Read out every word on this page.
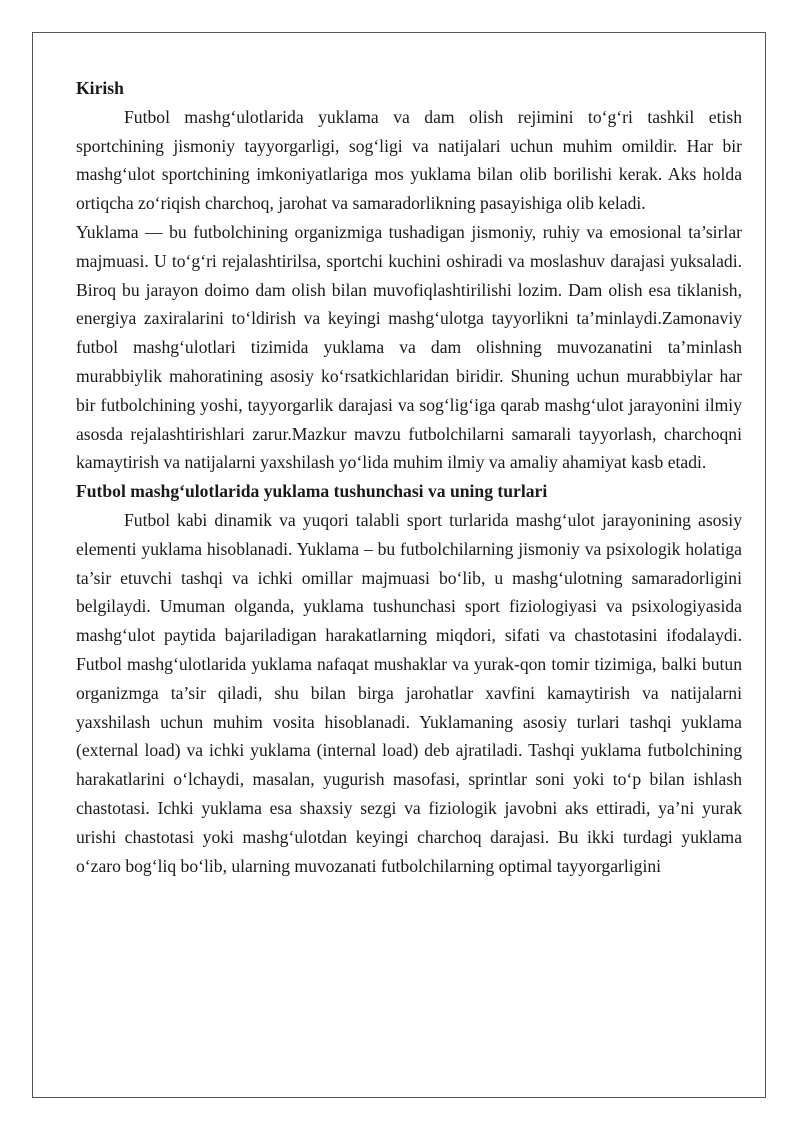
Kirish

Futbol mashg‘ulotlarida yuklama va dam olish rejimini to‘g‘ri tashkil etish sportchining jismoniy tayyorgarligi, sog‘ligi va natijalari uchun muhim omildir. Har bir mashg‘ulot sportchining imkoniyatlariga mos yuklama bilan olib borilishi kerak. Aks holda ortiqcha zo‘riqish charchoq, jarohat va samaradorlikning pasayishiga olib keladi.

Yuklama — bu futbolchining organizmiga tushadigan jismoniy, ruhiy va emosional ta’sirlar majmuasi. U to‘g‘ri rejalashtirilsa, sportchi kuchini oshiradi va moslashuv darajasi yuksaladi. Biroq bu jarayon doimo dam olish bilan muvofiqlashtirilishi lozim. Dam olish esa tiklanish, energiya zaxiralarini to‘ldirish va keyingi mashg‘ulotga tayyorlikni ta’minlaydi.Zamonaviy futbol mashg‘ulotlari tizimida yuklama va dam olishning muvozanatini ta’minlash murabbiylik mahoratining asosiy ko‘rsatkichlaridan biridir. Shuning uchun murabbiylar har bir futbolchining yoshi, tayyorgarlik darajasi va sog‘lig‘iga qarab mashg‘ulot jarayonini ilmiy asosda rejalashtirishlari zarur.Mazkur mavzu futbolchilarni samarali tayyorlash, charchoqni kamaytirish va natijalarni yaxshilash yo‘lida muhim ilmiy va amaliy ahamiyat kasb etadi.

Futbol mashg‘ulotlarida yuklama tushunchasi va uning turlari

Futbol kabi dinamik va yuqori talabli sport turlarida mashg‘ulot jarayonining asosiy elementi yuklama hisoblanadi. Yuklama – bu futbolchilarning jismoniy va psixologik holatiga ta’sir etuvchi tashqi va ichki omillar majmuasi bo‘lib, u mashg‘ulotning samaradorligini belgilaydi. Umuman olganda, yuklama tushunchasi sport fiziologiyasi va psixologiyasida mashg‘ulot paytida bajariladigan harakatlarning miqdori, sifati va chastotasini ifodalaydi. Futbol mashg‘ulotlarida yuklama nafaqat mushaklar va yurak-qon tomir tizimiga, balki butun organizmga ta’sir qiladi, shu bilan birga jarohatlar xavfini kamaytirish va natijalarni yaxshilash uchun muhim vosita hisoblanadi. Yuklamaning asosiy turlari tashqi yuklama (external load) va ichki yuklama (internal load) deb ajratiladi. Tashqi yuklama futbolchining harakatlarini o‘lchaydi, masalan, yugurish masofasi, sprintlar soni yoki to‘p bilan ishlash chastotasi. Ichki yuklama esa shaxsiy sezgi va fiziologik javobni aks ettiradi, ya’ni yurak urishi chastotasi yoki mashg‘ulotdan keyingi charchoq darajasi. Bu ikki turdagi yuklama o‘zaro bog‘liq bo‘lib, ularning muvozanati futbolchilarning optimal tayyorgarligini
